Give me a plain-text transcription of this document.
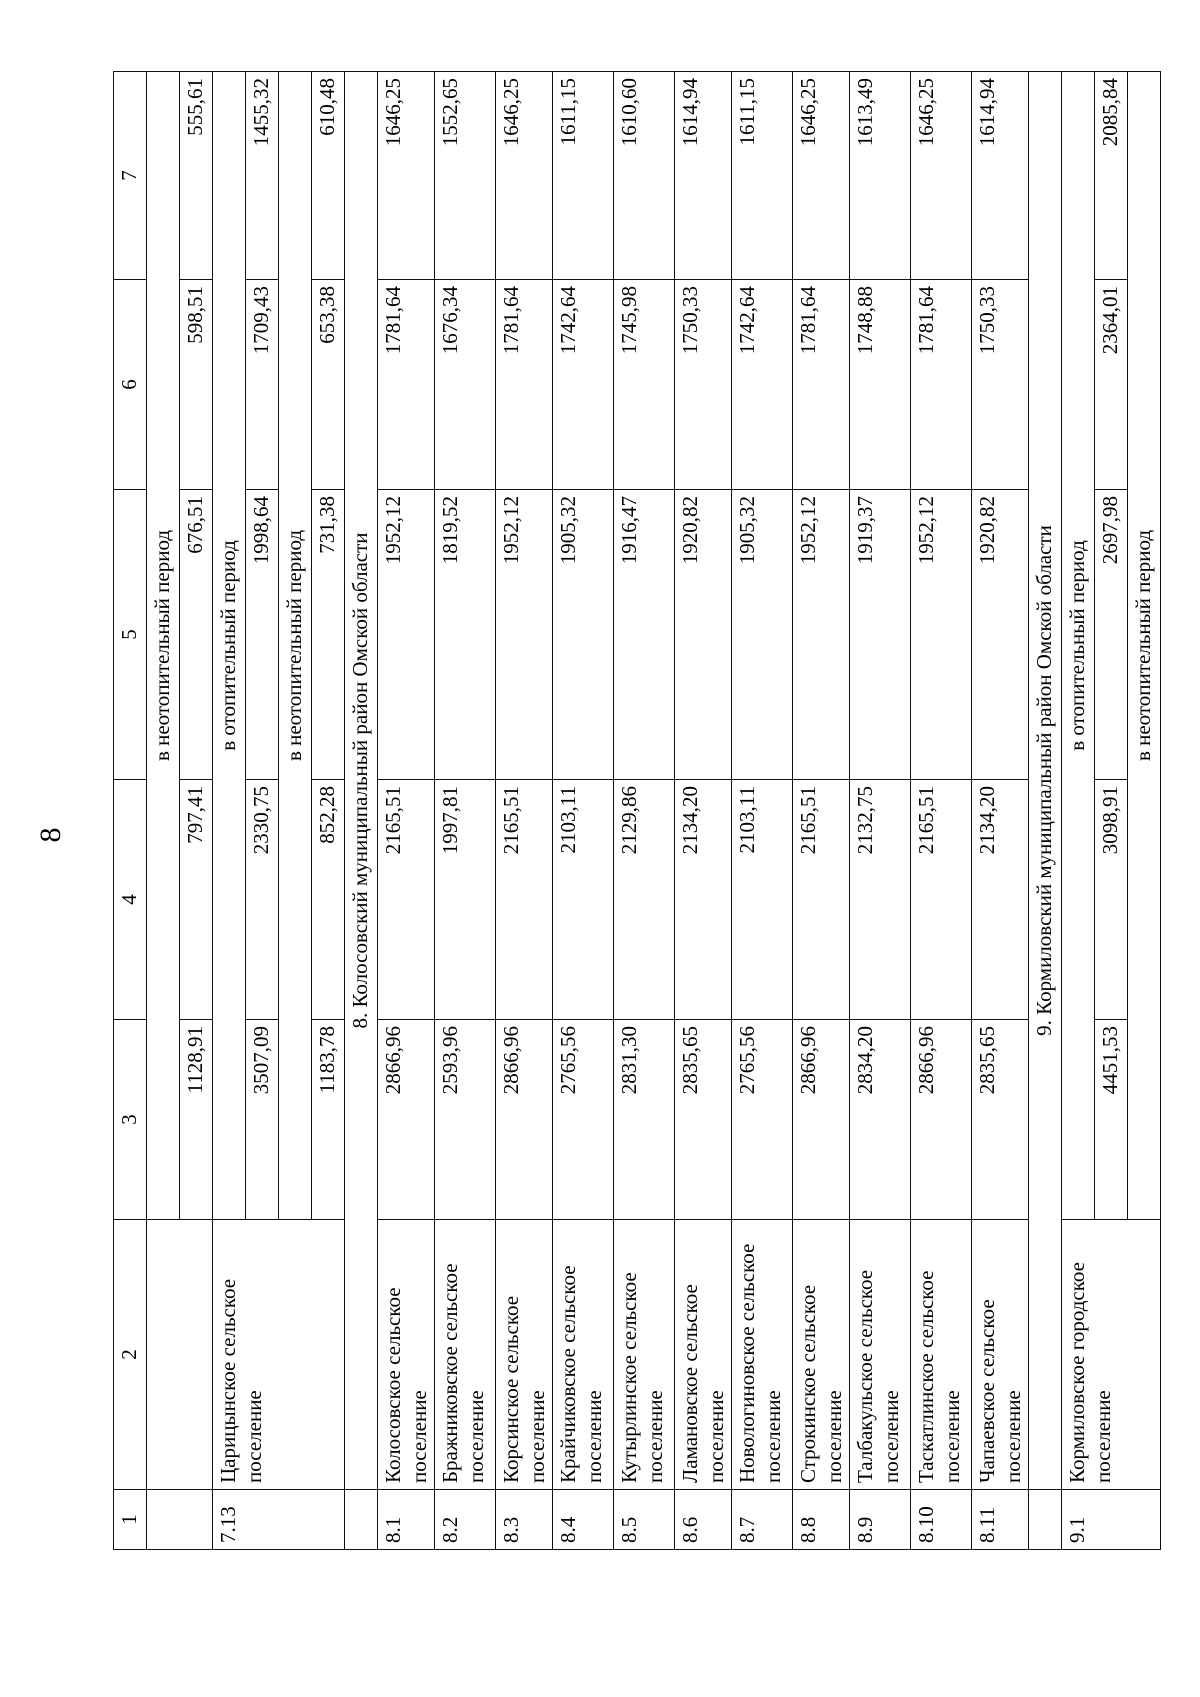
8
1	2	3	4	5	6	7
		в неотопительный период				
		1128,91	797,41	676,51	598,51	555,61
7.13	Царицынское сельское поселение	в отопительный период				
		3507,09	2330,75	1998,64	1709,43	1455,32
		в неотопительный период				
		1183,78	852,28	731,38	653,38	610,48
	8. Колосовский муниципальный район Омской области					
8.1	Колосовское сельское поселение	2866,96	2165,51	1952,12	1781,64	1646,25
8.2	Бражниковское сельское поселение	2593,96	1997,81	1819,52	1676,34	1552,65
8.3	Корсинское сельское поселение	2866,96	2165,51	1952,12	1781,64	1646,25
8.4	Крайчиковское сельское поселение	2765,56	2103,11	1905,32	1742,64	1611,15
8.5	Кутырлинское сельское поселение	2831,30	2129,86	1916,47	1745,98	1610,60
8.6	Ламановское сельское поселение	2835,65	2134,20	1920,82	1750,33	1614,94
8.7	Новологиновское сельское поселение	2765,56	2103,11	1905,32	1742,64	1611,15
8.8	Строкинское сельское поселение	2866,96	2165,51	1952,12	1781,64	1646,25
8.9	Талбакульское сельское поселение	2834,20	2132,75	1919,37	1748,88	1613,49
8.10	Таскатлинское сельское поселение	2866,96	2165,51	1952,12	1781,64	1646,25
8.11	Чапаевское сельское поселение	2835,65	2134,20	1920,82	1750,33	1614,94
	9. Кормиловский муниципальный район Омской области					
9.1	Кормиловское городское поселение	в отопительный период				
		4451,53	3098,91	2697,98	2364,01	2085,84
		в неотопительный период				
